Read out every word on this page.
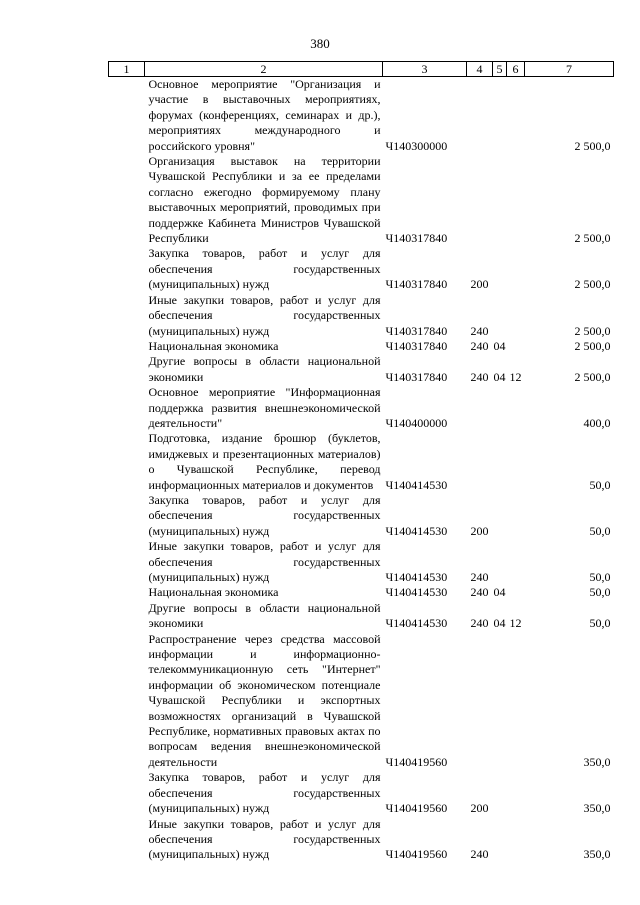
380
1	2	3	4	5	6	7
	Основное мероприятие "Организация и участие в выставочных мероприятиях, форумах (конференциях, семинарах и др.), мероприятиях международного и российского уровня"	Ч140300000				2 500,0
	Организация выставок на территории Чувашской Республики и за ее пределами согласно ежегодно формируемому плану выставочных мероприятий, проводимых при поддержке Кабинета Министров Чувашской Республики	Ч140317840				2 500,0
	Закупка товаров, работ и услуг для обеспечения государственных (муниципальных) нужд	Ч140317840	200			2 500,0
	Иные закупки товаров, работ и услуг для обеспечения государственных (муниципальных) нужд	Ч140317840	240			2 500,0
	Национальная экономика	Ч140317840	240	04		2 500,0
	Другие вопросы в области национальной экономики	Ч140317840	240	04	12	2 500,0
	Основное мероприятие "Информационная поддержка развития внешнеэкономической деятельности"	Ч140400000				400,0
	Подготовка, издание брошюр (буклетов, имиджевых и презентационных материалов) о Чувашской Республике, перевод информационных материалов и документов	Ч140414530				50,0
	Закупка товаров, работ и услуг для обеспечения государственных (муниципальных) нужд	Ч140414530	200			50,0
	Иные закупки товаров, работ и услуг для обеспечения государственных (муниципальных) нужд	Ч140414530	240			50,0
	Национальная экономика	Ч140414530	240	04		50,0
	Другие вопросы в области национальной экономики	Ч140414530	240	04	12	50,0
	Распространение через средства массовой информации и информационно-телекоммуникационную сеть "Интернет" информации об экономическом потенциале Чувашской Республики и экспортных возможностях организаций в Чувашской Республике, нормативных правовых актах по вопросам ведения внешнеэкономической деятельности	Ч140419560				350,0
	Закупка товаров, работ и услуг для обеспечения государственных (муниципальных) нужд	Ч140419560	200			350,0
	Иные закупки товаров, работ и услуг для обеспечения государственных (муниципальных) нужд	Ч140419560	240			350,0
